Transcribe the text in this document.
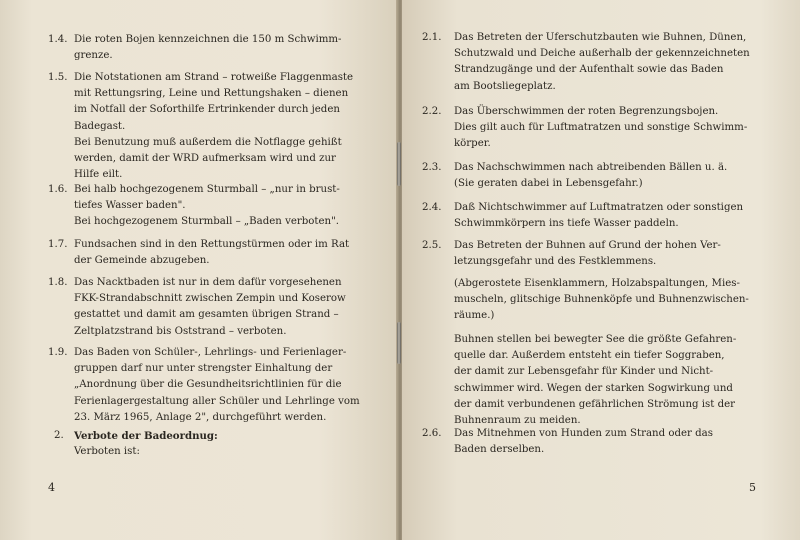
1.4. Die roten Bojen kennzeichnen die 150 m Schwimm-
grenze.
1.5. Die Notstationen am Strand – rotweiße Flaggenmaste
mit Rettungsring, Leine und Rettungshaken – dienen
im Notfall der Soforthilfe Ertrinkender durch jeden
Badegast.
Bei Benutzung muß außerdem die Notflagge gehißt
werden, damit der WRD aufmerksam wird und zur
Hilfe eilt.
1.6. Bei halb hochgezogenem Sturmball – „nur in brust-
tiefes Wasser baden".
Bei hochgezogenem Sturmball – „Baden verboten".
1.7. Fundsachen sind in den Rettungstürmen oder im Rat
der Gemeinde abzugeben.
1.8. Das Nacktbaden ist nur in dem dafür vorgesehenen
FKK-Strandabschnitt zwischen Zempin und Koserow
gestattet und damit am gesamten übrigen Strand –
Zeltplatzstrand bis Oststrand – verboten.
1.9. Das Baden von Schüler-, Lehrlings- und Ferienlager-
gruppen darf nur unter strengster Einhaltung der
„Anordnung über die Gesundheitsrichtlinien für die
Ferienlagergestaltung aller Schüler und Lehrlinge vom
23. März 1965, Anlage 2", durchgeführt werden.
2.	Verbote der Badeordnug:
Verboten ist:
4
2.1.	Das Betreten der Uferschutzbauten wie Buhnen, Dünen,
Schutzwald und Deiche außerhalb der gekennzeichneten
Strandzugänge und der Aufenthalt sowie das Baden
am Bootsliegeplatz.
2.2.	Das Überschwimmen der roten Begrenzungsbojen.
Dies gilt auch für Luftmatratzen und sonstige Schwimm-
körper.
2.3.	Das Nachschwimmen nach abtreibenden Bällen u. ä.
(Sie geraten dabei in Lebensgefahr.)
2.4.	Daß Nichtschwimmer auf Luftmatratzen oder sonstigen
Schwimmkörpern ins tiefe Wasser paddeln.
2.5.	Das Betreten der Buhnen auf Grund der hohen Ver-
letzungsgefahr und des Festklemmens.
(Abgerostete Eisenklammern, Holzabspaltungen, Mies-
muscheln, glitschige Buhnenköpfe und Buhnenzwischen-
räume.)
Buhnen stellen bei bewegter See die größte Gefahren-
quelle dar. Außerdem entsteht ein tiefer Soggraben,
der damit zur Lebensgefahr für Kinder und Nicht-
schwimmer wird. Wegen der starken Sogwirkung und
der damit verbundenen gefährlichen Strömung ist der
Buhnenraum zu meiden.
2.6.	Das Mitnehmen von Hunden zum Strand oder das
Baden derselben.
5
